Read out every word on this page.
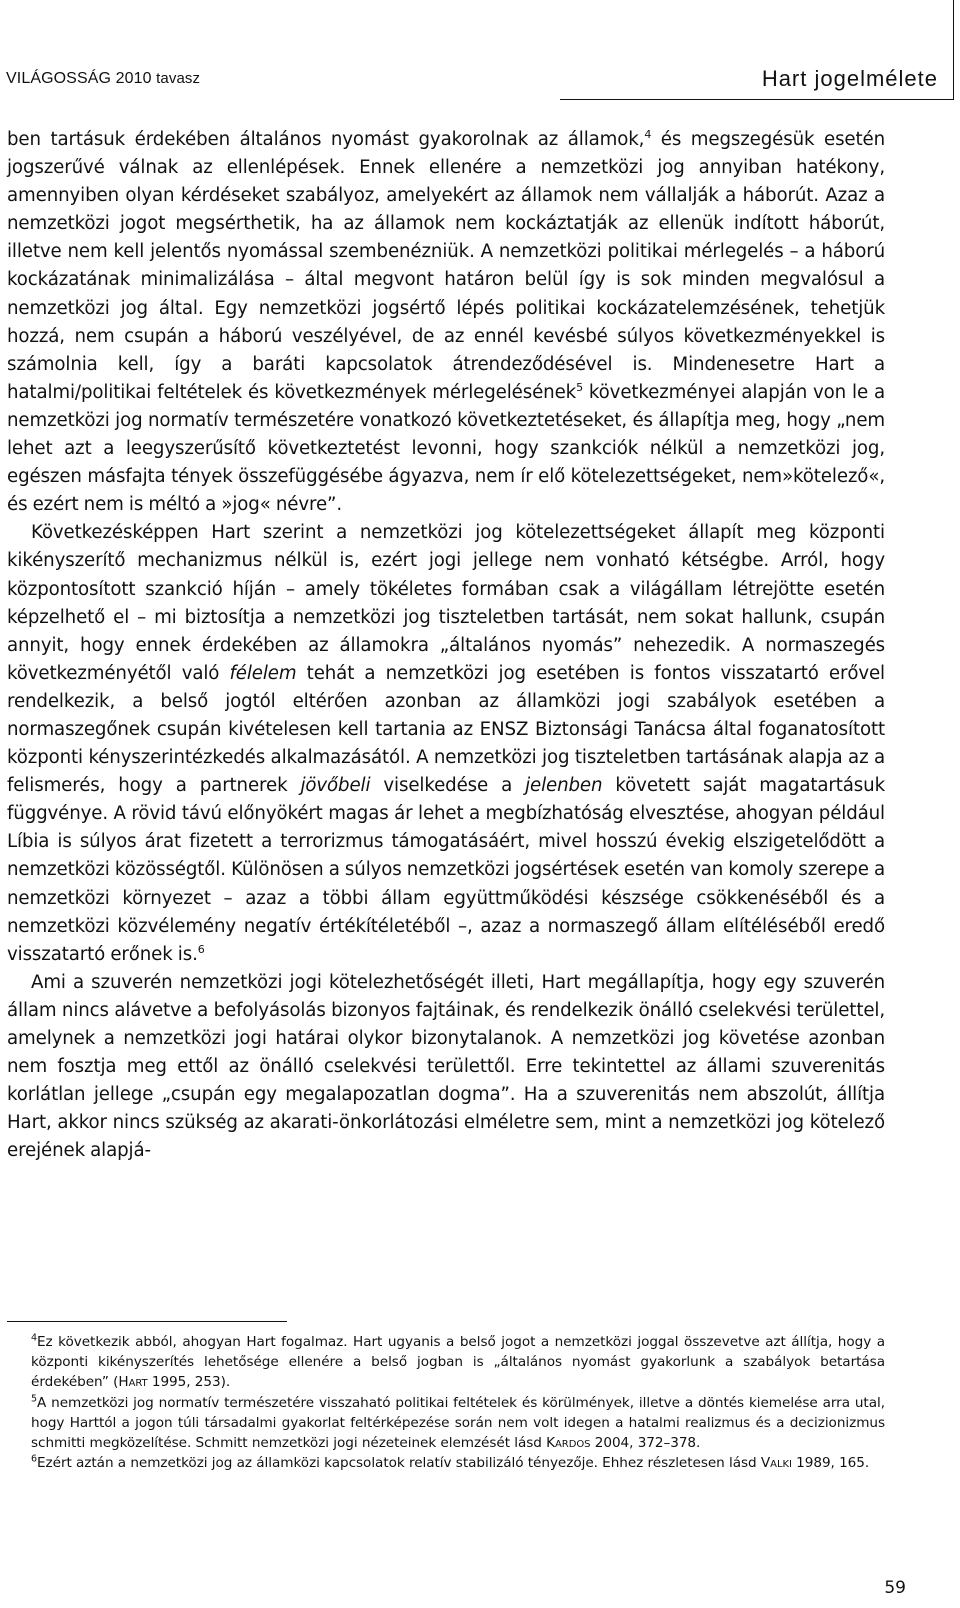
VILÁGOSSÁG 2010 tavasz	Hart jogelmélete

ben tartásuk érdekében általános nyomást gyakorolnak az államok,$^4$ és megszegésük esetén jogszerűvé válnak az ellenlépések. Ennek ellenére a nemzetközi jog annyiban hatékony, amennyiben olyan kérdéseket szabályoz, amelyekért az államok nem vállalják a háborút. Azaz a nemzetközi jogot megsérthetik, ha az államok nem kockáztatják az ellenük indított háborút, illetve nem kell jelentős nyomással szembenézniük. A nemzetközi politikai mérlegelés – a háború kockázatának minimalizálása – által megvont határon belül így is sok minden megvalósul a nemzetközi jog által. Egy nemzetközi jogsértő lépés politikai kockázatelemzésének, tehetjük hozzá, nem csupán a háború veszélyével, de az ennél kevésbé súlyos következményekkel is számolnia kell, így a baráti kapcsolatok átrendeződésével is. Mindenesetre Hart a hatalmi/politikai feltételek és következmények mérlegelésének$^5$ következményei alapján von le a nemzetközi jog normatív természetére vonatkozó következtetéseket, és állapítja meg, hogy „nem lehet azt a leegyszerűsítő következtetést levonni, hogy szankciók nélkül a nemzetközi jog, egészen másfajta tények összefüggésébe ágyazva, nem ír elő kötelezettségeket, nem»kötelező«, és ezért nem is méltó a »jog« névre”.

Következésképpen Hart szerint a nemzetközi jog kötelezettségeket állapít meg központi kikényszerítő mechanizmus nélkül is, ezért jogi jellege nem vonható kétségbe. Arról, hogy központosított szankció híján – amely tökéletes formában csak a világállam létrejötte esetén képzelhető el – mi biztosítja a nemzetközi jog tiszteletben tartását, nem sokat hallunk, csupán annyit, hogy ennek érdekében az államokra „általános nyomás” nehezedik. A normaszegés következményétől való félelem tehát a nemzetközi jog esetében is fontos visszatartó erővel rendelkezik, a belső jogtól eltérően azonban az államközi jogi szabályok esetében a normaszegőnek csupán kivételesen kell tartania az ENSZ Biztonsági Tanácsa által foganatosított központi kényszerintézkedés alkalmazásától. A nemzetközi jog tiszteletben tartásának alapja az a felismerés, hogy a partnerek jövőbeli viselkedése a jelenben követett saját magatartásuk függvénye. A rövid távú előnyökért magas ár lehet a megbízhatóság elvesztése, ahogyan például Líbia is súlyos árat fizetett a terrorizmus támogatásáért, mivel hosszú évekig elszigetelődött a nemzetközi közösségtől. Különösen a súlyos nemzetközi jogsértések esetén van komoly szerepe a nemzetközi környezet – azaz a többi állam együttműködési készsége csökkenéséből és a nemzetközi közvélemény negatív értékítéletéből –, azaz a normaszegő állam elítéléséből eredő visszatartó erőnek is.$^6$

Ami a szuverén nemzetközi jogi kötelezhetőségét illeti, Hart megállapítja, hogy egy szuverén állam nincs alávetve a befolyásolás bizonyos fajtáinak, és rendelkezik önálló cselekvési területtel, amelynek a nemzetközi jogi határai olykor bizonytalanok. A nemzetközi jog követése azonban nem fosztja meg ettől az önálló cselekvési területtől. Erre tekintettel az állami szuverenitás korlátlan jellege „csupán egy megalapozatlan dogma”. Ha a szuverenitás nem abszolút, állítja Hart, akkor nincs szükség az akarati-önkorlátozási elméletre sem, mint a nemzetközi jog kötelező erejének alapjá-

$^4$Ez következik abból, ahogyan Hart fogalmaz. Hart ugyanis a belső jogot a nemzetközi joggal összevetve azt állítja, hogy a központi kikényszerítés lehetősége ellenére a belső jogban is „általános nyomást gyakorlunk a szabályok betartása érdekében” (Hart 1995, 253).

$^5$A nemzetközi jog normatív természetére visszaható politikai feltételek és körülmények, illetve a döntés kiemelése arra utal, hogy Harttól a jogon túli társadalmi gyakorlat feltérképezése során nem volt idegen a hatalmi realizmus és a decizionizmus schmitti megközelítése. Schmitt nemzetközi jogi nézeteinek elemzését lásd Kardos 2004, 372–378.

$^6$Ezért aztán a nemzetközi jog az államközi kapcsolatok relatív stabilizáló tényezője. Ehhez részletesen lásd Valki 1989, 165.

59
